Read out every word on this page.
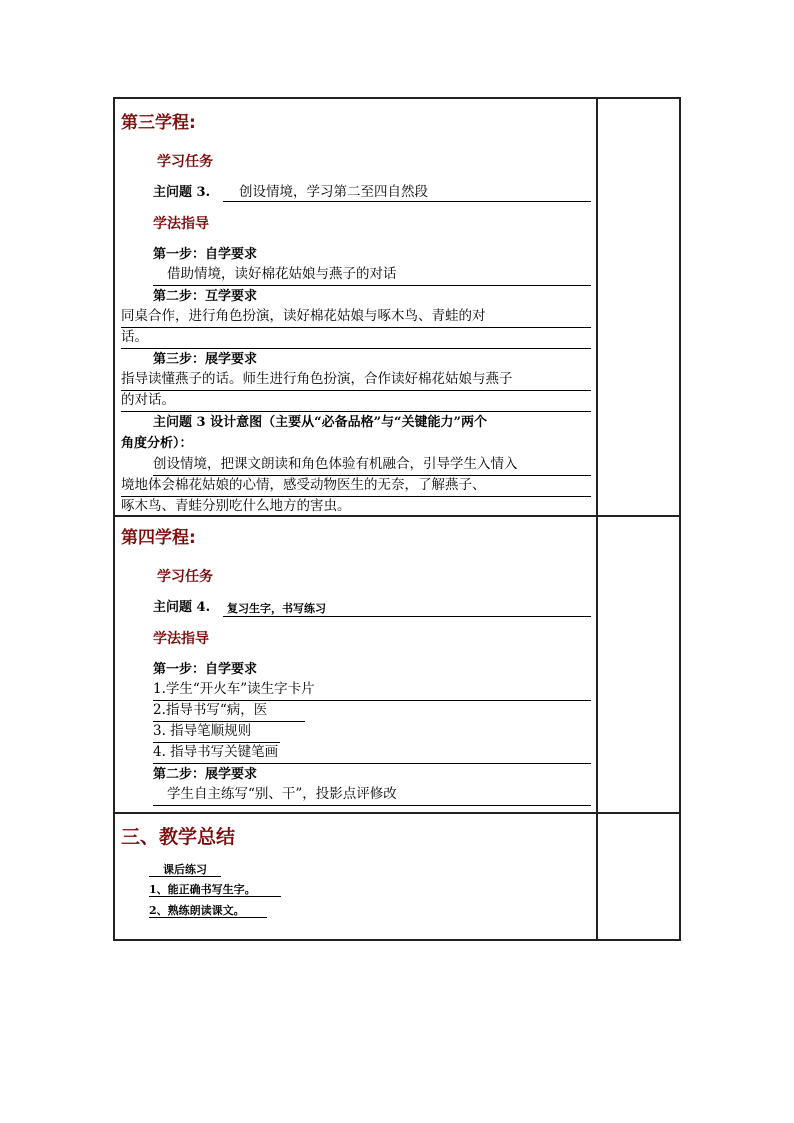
第三学程:
学习任务
主问题 3. 创设情境，学习第二至四自然段
学法指导
第一步：自学要求
借助情境，读好棉花姑娘与燕子的对话
第二步：互学要求
同桌合作，进行角色扮演，读好棉花姑娘与啄木鸟、青蛙的对
话。
第三步：展学要求
指导读懂燕子的话。师生进行角色扮演，合作读好棉花姑娘与燕子
的对话。
主问题 3 设计意图（主要从“必备品格”与“关键能力”两个
角度分析）：
创设情境，把课文朗读和角色体验有机融合，引导学生入情入
境地体会棉花姑娘的心情，感受动物医生的无奈，了解燕子、
啄木鸟、青蛙分别吃什么地方的害虫。
第四学程:
学习任务
主问题 4. 复习生字，书写练习
学法指导
第一步：自学要求
1.学生“开火车”读生字卡片
2.指导书写“病，医
3. 指导笔顺规则
4. 指导书写关键笔画
第二步：展学要求
学生自主练写“别、干”，投影点评修改
三、教学总结
课后练习
1、能正确书写生字。
2、熟练朗读课文。
